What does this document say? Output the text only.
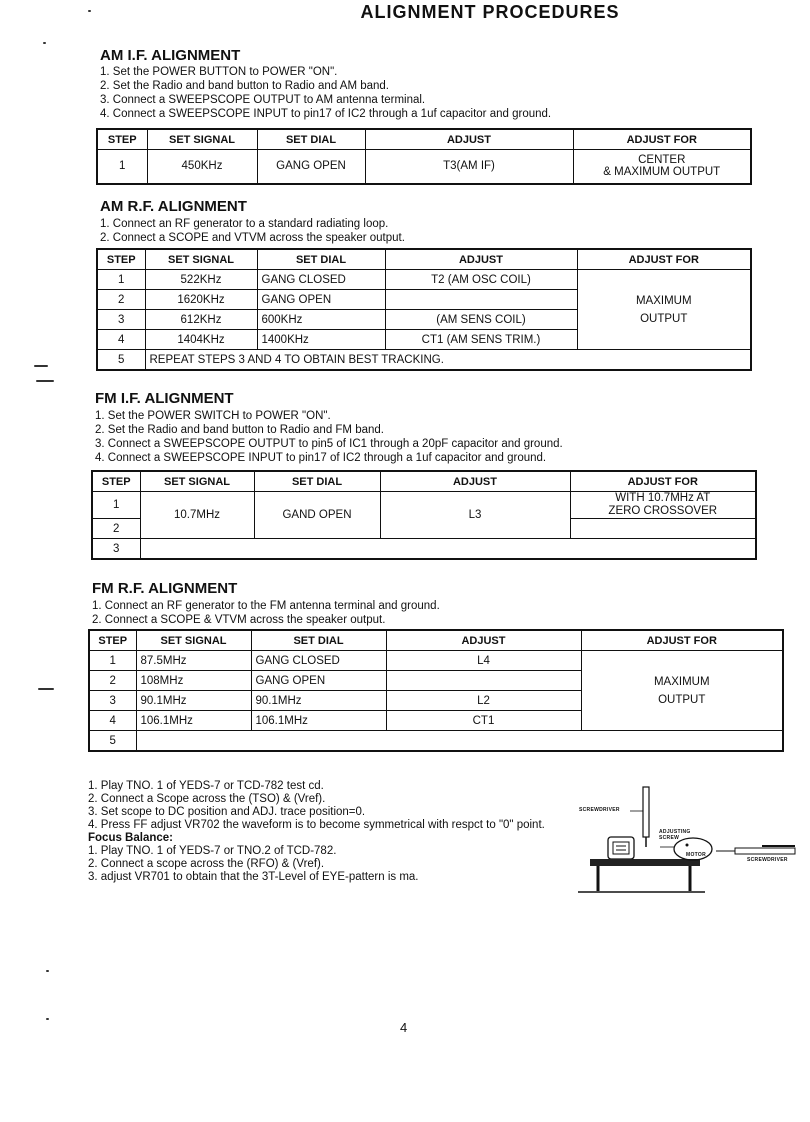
ALIGNMENT PROCEDURES
AM I.F. ALIGNMENT
1. Set the POWER BUTTON to POWER "ON".
2. Set the Radio and band button to Radio and AM band.
3. Connect a SWEEPSCOPE OUTPUT to AM antenna terminal.
4. Connect a SWEEPSCOPE INPUT to pin17 of IC2 through a 1uf capacitor and ground.
STEP	SET SIGNAL	SET DIAL	ADJUST	ADJUST FOR
1	450KHz	GANG OPEN	T3(AM IF)	CENTER
& MAXIMUM OUTPUT
AM R.F. ALIGNMENT
1. Connect an RF generator to a standard radiating loop.
2. Connect a SCOPE and VTVM across the speaker output.
STEP	SET SIGNAL	SET DIAL	ADJUST	ADJUST FOR
1	522KHz	GANG CLOSED	T2 (AM OSC COIL)	MAXIMUM
OUTPUT

2	1620KHz	GANG OPEN		
3	612KHz	600KHz	(AM SENS COIL)	
4	1404KHz	1400KHz	CT1 (AM SENS TRIM.)	
5	REPEAT STEPS 3 AND 4 TO OBTAIN BEST TRACKING.			
FM I.F. ALIGNMENT
1. Set the POWER SWITCH to POWER "ON".
2. Set the Radio and band button to Radio and FM band.
3. Connect a SWEEPSCOPE OUTPUT to pin5 of IC1 through a 20pF capacitor and ground.
4. Connect a SWEEPSCOPE INPUT to pin17 of IC2 through a 1uf capacitor and ground.
STEP	SET SIGNAL	SET DIAL	ADJUST	ADJUST FOR
1	10.7MHz	GAND OPEN	L3	WITH 10.7MHz AT
ZERO CROSSOVER

2				
3				
FM R.F. ALIGNMENT
1. Connect an RF generator to the FM antenna terminal and ground.
2. Connect a SCOPE & VTVM across the speaker output.
STEP	SET SIGNAL	SET DIAL	ADJUST	ADJUST FOR
1	87.5MHz	GANG CLOSED	L4	MAXIMUM
OUTPUT

2	108MHz	GANG OPEN		
3	90.1MHz	90.1MHz	L2	
4	106.1MHz	106.1MHz	CT1	
5				
1. Play TNO. 1 of YEDS-7 or TCD-782 test cd.
2. Connect a Scope across the (TSO) & (Vref).
3. Set scope to DC position and ADJ. trace position=0.
4. Press FF adjust VR702 the waveform is to become symmetrical with respct to "0" point.
Focus Balance:
1. Play TNO. 1 of YEDS-7 or TNO.2 of TCD-782.
2. Connect a scope across the (RFO) & (Vref).
3. adjust VR701 to obtain that the 3T-Level of EYE-pattern is ma.
SCREWDRIVER
ADJUSTING
SCREW
MOTOR
SCREWDRIVER
4
